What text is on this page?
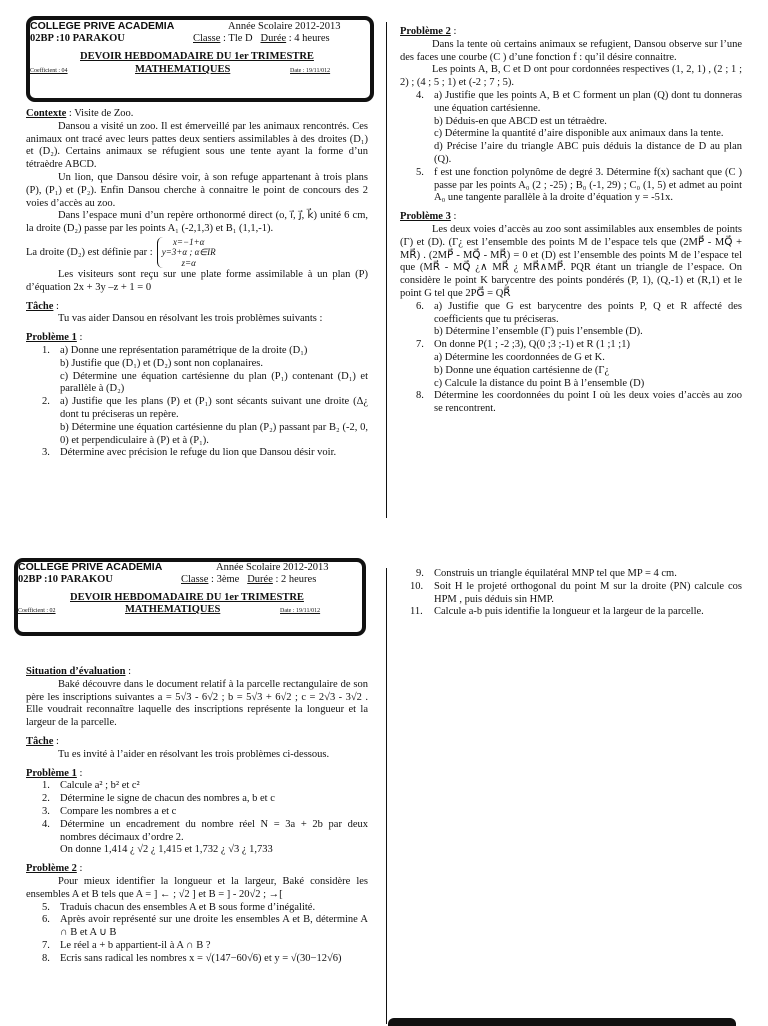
COLLEGE PRIVE ACADEMIA	Année Scolaire 2012-2013
02BP :10 PARAKOU	Classe : Tle D Durée : 4 heures
DEVOIR HEBDOMADAIRE DU 1er TRIMESTRE
MATHEMATIQUES
Coefficient : 04	Date : 19/11/012

Contexte : Visite de Zoo.

Dansou a visité un zoo. Il est émerveillé par les animaux rencontrés. Ces animaux ont tracé avec leurs pattes deux sentiers assimilables à des droites (D₁) et (D₂). Certains animaux se réfugient sous une tente ayant la forme d’un tétraèdre ABCD.

Un lion, que Dansou désire voir, à son refuge appartenant à trois plans (P), (P₁) et (P₂). Enfin Dansou cherche à connaitre le point de concours des 2 voies d’accès au zoo.

Dans l’espace muni d’un repère orthonormé direct (o, i⃗, j⃗, k⃗) unité 6 cm, la droite (D₂) passe par les points A₁ (-2,1,3) et B₁ (1,1,-1).

La droite (D₂) est définie par :
x=−1+α
y=3+α ; α∈IR
z=α

Les visiteurs sont reçu sur une plate forme assimilable à un plan (P) d’équation 2x + 3y –z + 1 = 0

Tâche :

Tu vas aider Dansou en résolvant les trois problèmes suivants :

Problème 1 :

1. a) Donne une représentation paramétrique de la droite (D₁)
b) Justifie que (D₁) et (D₂) sont non coplanaires.
c) Détermine une équation cartésienne du plan (P₁) contenant (D₁) et parallèle à (D₂)
2. a) Justifie que les plans (P) et (P₁) sont sécants suivant une droite (Δ¿ dont tu préciseras un repère.
b) Détermine une équation cartésienne du plan (P₂) passant par B₂ (-2, 0, 0) et perpendiculaire à (P) et à (P₁).
3. Détermine avec précision le refuge du lion que Dansou désir voir.

Problème 2 :

Dans la tente où certains animaux se refugient, Dansou observe sur l’une des faces une courbe (C ) d’une fonction f : qu’il désire connaitre.

Les points A, B, C et D ont pour cordonnées respectives (1, 2, 1) , (2 ; 1 ; 2) ; (4 ; 5 ; 1) et (-2 ; 7 ; 5).

4. a) Justifie que les points A, B et C forment un plan (Q) dont tu donneras une équation cartésienne.
b) Déduis-en que ABCD est un tétraèdre.
c) Détermine la quantité d’aire disponible aux animaux dans la tente.
d) Précise l’aire du triangle ABC puis déduis la distance de D au plan (Q).
5. f est une fonction polynôme de degré 3. Détermine f(x) sachant que (C ) passe par les points A₀ (2 ; -25) ; B₀ (-1, 29) ; C₀ (1, 5) et admet au point A₀ une tangente parallèle à la droite d’équation y = -51x.

Problème 3 :

Les deux voies d’accès au zoo sont assimilables aux ensembles de points (Γ) et (D). (Γ¿ est l’ensemble des points M de l’espace tels que (2MP⃗ - MQ⃗ + MR⃗) . (2MP⃗ - MQ⃗ - MR⃗) = 0 et (D) est l’ensemble des points M de l’espace tel que (MR⃗ - MQ⃗ ¿∧ MR⃗ ¿ MR⃗∧MP⃗. PQR étant un triangle de l’espace. On considère le point K barycentre des points pondérés (P, 1), (Q,-1) et (R,1) et le point G tel que 2PG⃗ = QR⃗

6. a) Justifie que G est barycentre des points P, Q et R affecté des coefficients que tu préciseras.
b) Détermine l’ensemble (Γ) puis l’ensemble (D).
7. On donne P(1 ; -2 ;3), Q(0 ;3 ;-1) et R (1 ;1 ;1)
a) Détermine les coordonnées de G et K.
b) Donne une équation cartésienne de (Γ¿
c) Calcule la distance du point B à l’ensemble (D)
8. Détermine les coordonnées du point I où les deux voies d’accès au zoo se rencontrent.
COLLEGE PRIVE ACADEMIA	Année Scolaire 2012-2013
02BP :10 PARAKOU	Classe : 3ème Durée : 2 heures
DEVOIR HEBDOMADAIRE DU 1er TRIMESTRE
MATHEMATIQUES
Coefficient : 02	Date : 19/11/012

Situation d’évaluation :

Baké découvre dans le document relatif à la parcelle rectangulaire de son père les inscriptions suivantes a = 5√3 - 6√2 ; b = 5√3 + 6√2 ; c = 2√3 - 3√2 . Elle voudrait reconnaître laquelle des inscriptions représente la longueur et la largeur de la parcelle.

Tâche :

Tu es invité à l’aider en résolvant les trois problèmes ci-dessous.

Problème 1 :

1. Calcule a² ; b² et c²
2. Détermine le signe de chacun des nombres a, b et c
3. Compare les nombres a et c
4. Détermine un encadrement du nombre réel N = 3a + 2b par deux nombres décimaux d’ordre 2.
On donne 1,414 ¿ √2 ¿ 1,415 et 1,732 ¿ √3 ¿ 1,733

Problème 2 :

Pour mieux identifier la longueur et la largeur, Baké considère les ensembles A et B tels que A = ] ← ; √2 ] et B = ] - 20√2 ; →[

5. Traduis chacun des ensembles A et B sous forme d’inégalité.
6. Après avoir représenté sur une droite les ensembles A et B, détermine A ∩ B et A ∪ B
7. Le réel a + b appartient-il à A ∩ B ?
8. Ecris sans radical les nombres x = √(147−60√6) et y = √(30−12√6)
9. Construis un triangle équilatéral MNP tel que MP = 4 cm.
10. Soit H le projeté orthogonal du point M sur la droite (PN) calcule cos HPM , puis déduis sin HMP.
11. Calcule a-b puis identifie la longueur et la largeur de la parcelle.
